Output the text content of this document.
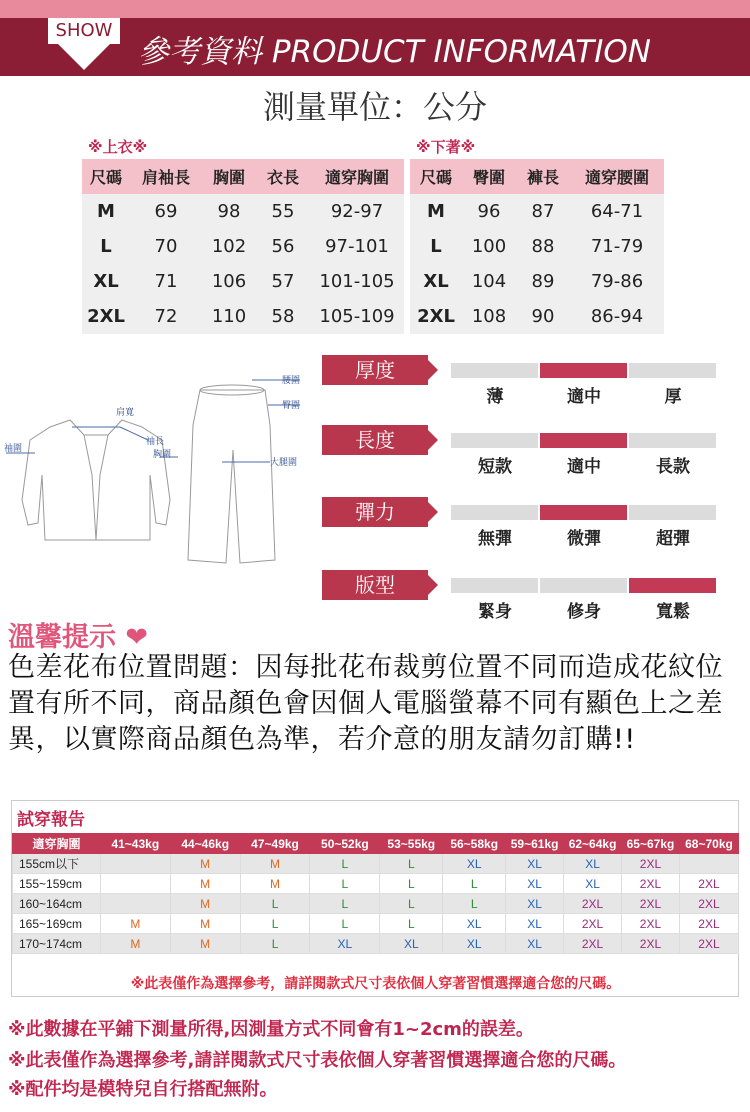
SHOW
參考資料 PRODUCT INFORMATION
測量單位：公分
※上衣※				
尺碼	肩袖長	胸圍	衣長	適穿胸圍
M	69	98	55	92-97
L	70	102	56	97-101
XL	71	106	57	101-105
2XL	72	110	58	105-109
※下著※			
尺碼	臀圍	褲長	適穿腰圍
M	96	87	64-71
L	100	88	71-79
XL	104	89	79-86
2XL	108	90	86-94
肩寬
袖長
袖圍
胸圍
腰圍
臀圍
大腿圍
厚度
薄	適中	厚
長度
短款	適中	長款
彈力
無彈	微彈	超彈
版型
緊身	修身	寬鬆
溫馨提示 ❤
色差花布位置問題：因每批花布裁剪位置不同而造成花紋位置有所不同，商品顏色會因個人電腦螢幕不同有顯色上之差異，以實際商品顏色為準，若介意的朋友請勿訂購!!
試穿報告
適穿胸圍	41~43kg	44~46kg	47~49kg	50~52kg	53~55kg	56~58kg	59~61kg	62~64kg	65~67kg	68~70kg
155cm以下		M	M	L	L	XL	XL	XL	2XL	
155~159cm		M	M	L	L	L	XL	XL	2XL	2XL
160~164cm		M	L	L	L	L	XL	2XL	2XL	2XL
165~169cm	M	M	L	L	L	XL	XL	2XL	2XL	2XL
170~174cm	M	M	L	XL	XL	XL	XL	2XL	2XL	2XL
※此表僅作為選擇參考，請詳閱款式尺寸表依個人穿著習慣選擇適合您的尺碼。
※此數據在平鋪下測量所得,因測量方式不同會有1~2cm的誤差。
※此表僅作為選擇參考,請詳閱款式尺寸表依個人穿著習慣選擇適合您的尺碼。
※配件均是模特兒自行搭配無附。
